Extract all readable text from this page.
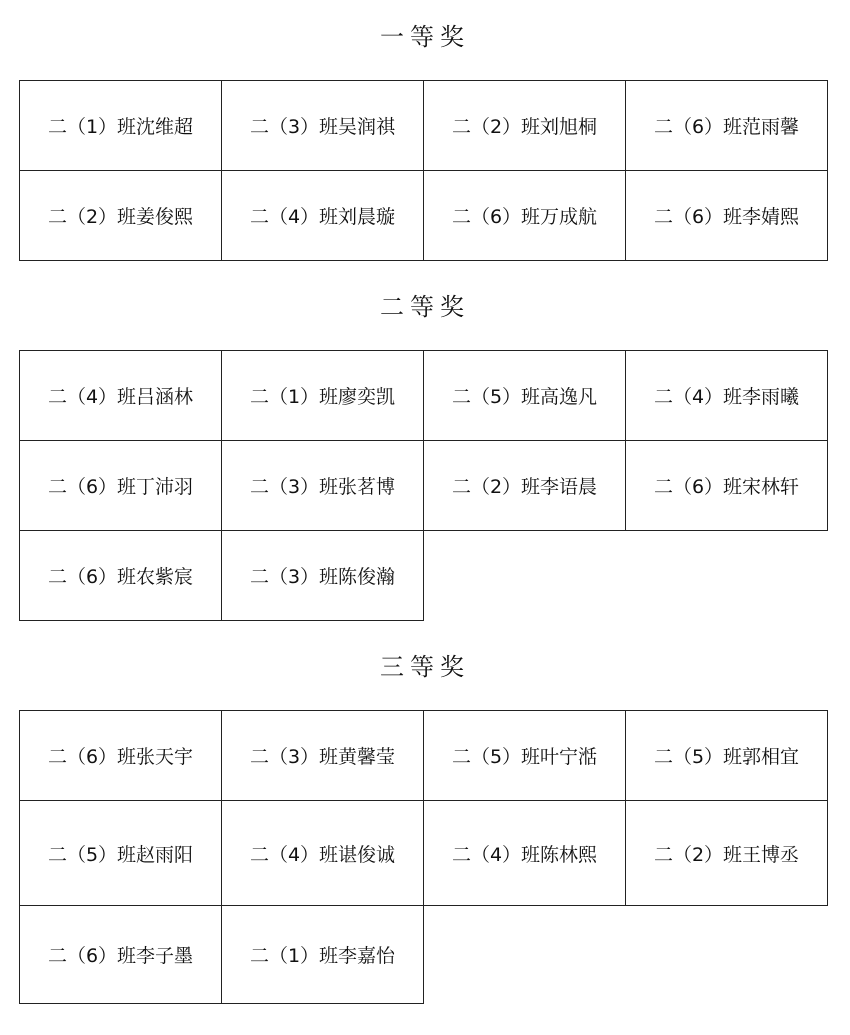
一等奖
二（1）班沈维超	二（3）班吴润祺	二（2）班刘旭桐	二（6）班范雨馨
二（2）班姜俊熙	二（4）班刘晨璇	二（6）班万成航	二（6）班李婧熙
二等奖
二（4）班吕涵林	二（1）班廖奕凯	二（5）班高逸凡	二（4）班李雨曦
二（6）班丁沛羽	二（3）班张茗博	二（2）班李语晨	二（6）班宋林轩
二（6）班农紫宸	二（3）班陈俊瀚		
三等奖
二（6）班张天宇	二（3）班黄馨莹	二（5）班叶宁湉	二（5）班郭相宜
二（5）班赵雨阳	二（4）班谌俊诚	二（4）班陈林熙	二（2）班王博丞
二（6）班李子墨	二（1）班李嘉怡		
